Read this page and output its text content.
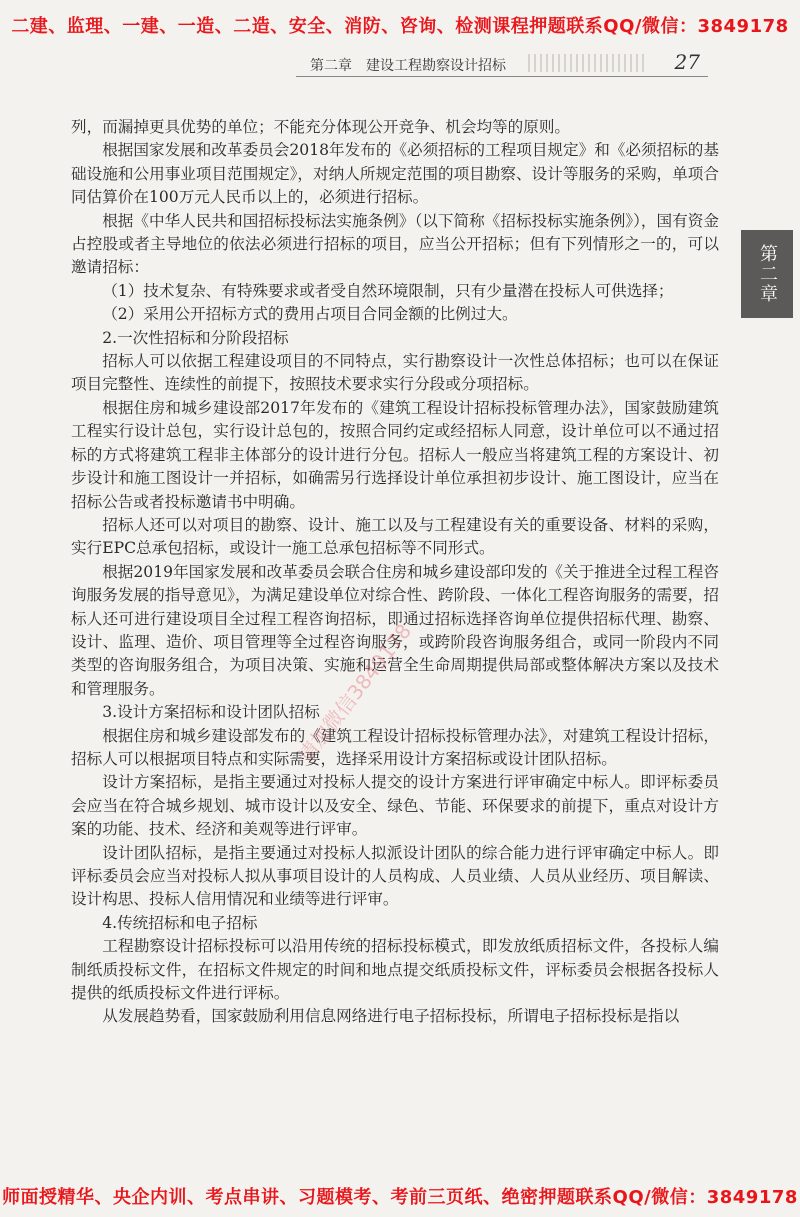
二建、监理、一建、一造、二造、安全、消防、咨询、检测课程押题联系QQ/微信：3849178
第二章　建设工程勘察设计招标	27
第二章

列，而漏掉更具优势的单位；不能充分体现公开竞争、机会均等的原则。

根据国家发展和改革委员会2018年发布的《必须招标的工程项目规定》和《必须招标的基础设施和公用事业项目范围规定》，对纳人所规定范围的项目勘察、设计等服务的采购，单项合同估算价在100万元人民币以上的，必须进行招标。

根据《中华人民共和国招标投标法实施条例》（以下简称《招标投标实施条例》），国有资金占控股或者主导地位的依法必须进行招标的项目，应当公开招标；但有下列情形之一的，可以邀请招标：

（1）技术复杂、有特殊要求或者受自然环境限制，只有少量潜在投标人可供选择；

（2）采用公开招标方式的费用占项目合同金额的比例过大。

2.一次性招标和分阶段招标

招标人可以依据工程建设项目的不同特点，实行勘察设计一次性总体招标；也可以在保证项目完整性、连续性的前提下，按照技术要求实行分段或分项招标。

根据住房和城乡建设部2017年发布的《建筑工程设计招标投标管理办法》，国家鼓励建筑工程实行设计总包，实行设计总包的，按照合同约定或经招标人同意，设计单位可以不通过招标的方式将建筑工程非主体部分的设计进行分包。招标人一般应当将建筑工程的方案设计、初步设计和施工图设计一并招标，如确需另行选择设计单位承担初步设计、施工图设计，应当在招标公告或者投标邀请书中明确。

招标人还可以对项目的勘察、设计、施工以及与工程建设有关的重要设备、材料的采购，实行EPC总承包招标，或设计一施工总承包招标等不同形式。

根据2019年国家发展和改革委员会联合住房和城乡建设部印发的《关于推进全过程工程咨询服务发展的指导意见》，为满足建设单位对综合性、跨阶段、一体化工程咨询服务的需要，招标人还可进行建设项目全过程工程咨询招标，即通过招标选择咨询单位提供招标代理、勘察、设计、监理、造价、项目管理等全过程咨询服务，或跨阶段咨询服务组合，或同一阶段内不同类型的咨询服务组合，为项目决策、实施和运营全生命周期提供局部或整体解决方案以及技术和管理服务。

3.设计方案招标和设计团队招标

根据住房和城乡建设部发布的《建筑工程设计招标投标管理办法》，对建筑工程设计招标，招标人可以根据项目特点和实际需要，选择采用设计方案招标或设计团队招标。

设计方案招标，是指主要通过对投标人提交的设计方案进行评审确定中标人。即评标委员会应当在符合城乡规划、城市设计以及安全、绿色、节能、环保要求的前提下，重点对设计方案的功能、技术、经济和美观等进行评审。

设计团队招标，是指主要通过对投标人拟派设计团队的综合能力进行评审确定中标人。即评标委员会应当对投标人拟从事项目设计的人员构成、人员业绩、人员从业经历、项目解读、设计构思、投标人信用情况和业绩等进行评审。

4.传统招标和电子招标

工程勘察设计招标投标可以沿用传统的招标投标模式，即发放纸质招标文件，各投标人编制纸质投标文件，在招标文件规定的时间和地点提交纸质投标文件，评标委员会根据各投标人提供的纸质投标文件进行评标。

从发展趋势看，国家鼓励利用信息网络进行电子招标投标，所谓电子招标投标是指以

请加微信3849178
师面授精华、央企内训、考点串讲、习题模考、考前三页纸、绝密押题联系QQ/微信：3849178
